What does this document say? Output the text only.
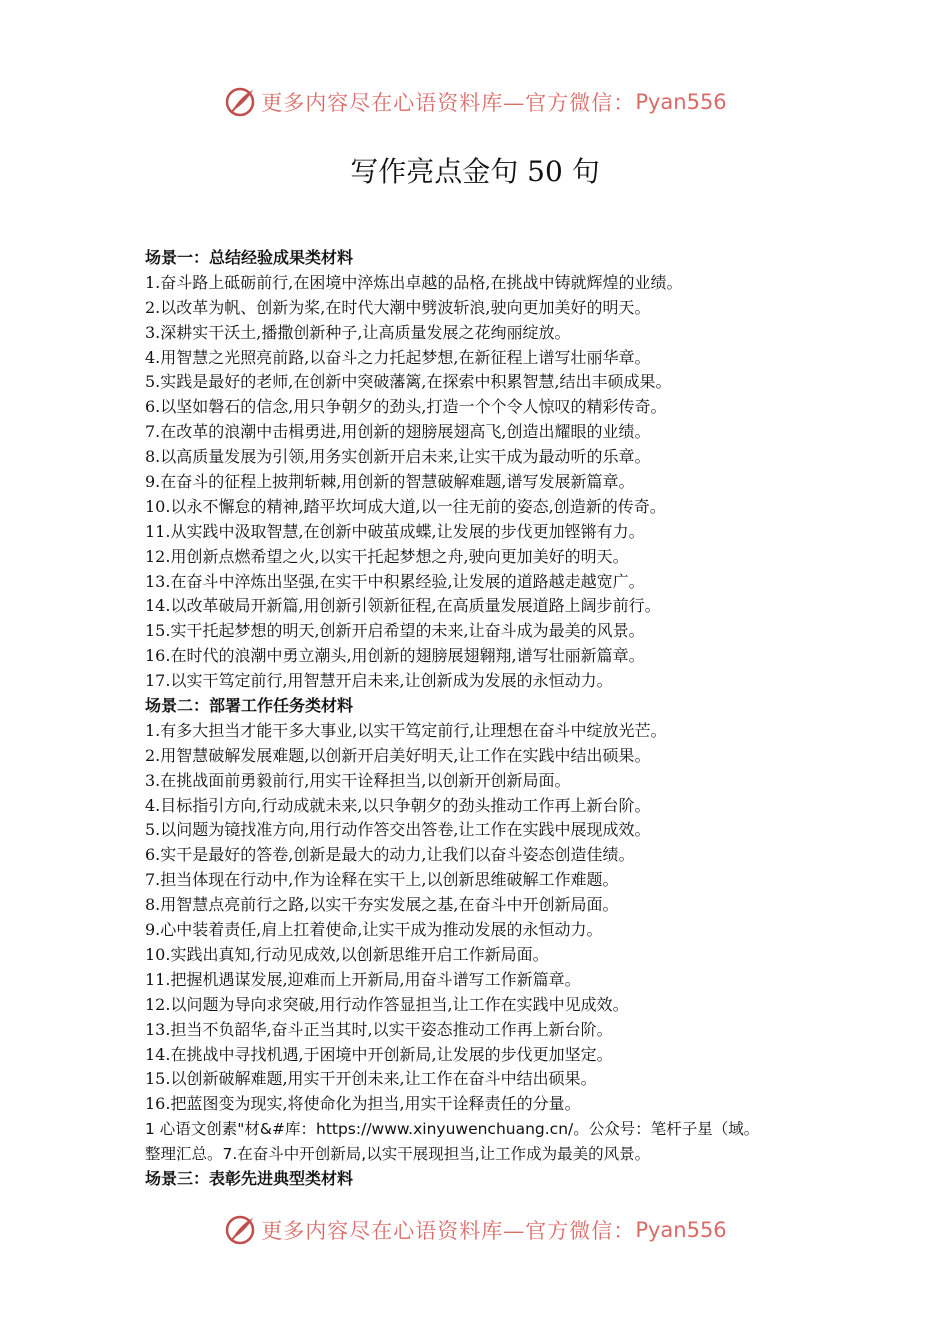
更多内容尽在心语资料库—官方微信： Pyan556
写作亮点金句 50 句
场景一：总结经验成果类材料
1.奋斗路上砥砺前行,在困境中淬炼出卓越的品格,在挑战中铸就辉煌的业绩。
2.以改革为帆、创新为桨,在时代大潮中劈波斩浪,驶向更加美好的明天。
3.深耕实干沃土,播撒创新种子,让高质量发展之花绚丽绽放。
4.用智慧之光照亮前路,以奋斗之力托起梦想,在新征程上谱写壮丽华章。
5.实践是最好的老师,在创新中突破藩篱,在探索中积累智慧,结出丰硕成果。
6.以坚如磐石的信念,用只争朝夕的劲头,打造一个个令人惊叹的精彩传奇。
7.在改革的浪潮中击楫勇进,用创新的翅膀展翅高飞,创造出耀眼的业绩。
8.以高质量发展为引领,用务实创新开启未来,让实干成为最动听的乐章。
9.在奋斗的征程上披荆斩棘,用创新的智慧破解难题,谱写发展新篇章。
10.以永不懈怠的精神,踏平坎坷成大道,以一往无前的姿态,创造新的传奇。
11.从实践中汲取智慧,在创新中破茧成蝶,让发展的步伐更加铿锵有力。
12.用创新点燃希望之火,以实干托起梦想之舟,驶向更加美好的明天。
13.在奋斗中淬炼出坚强,在实干中积累经验,让发展的道路越走越宽广。
14.以改革破局开新篇,用创新引领新征程,在高质量发展道路上阔步前行。
15.实干托起梦想的明天,创新开启希望的未来,让奋斗成为最美的风景。
16.在时代的浪潮中勇立潮头,用创新的翅膀展翅翱翔,谱写壮丽新篇章。
17.以实干笃定前行,用智慧开启未来,让创新成为发展的永恒动力。
场景二：部署工作任务类材料
1.有多大担当才能干多大事业,以实干笃定前行,让理想在奋斗中绽放光芒。
2.用智慧破解发展难题,以创新开启美好明天,让工作在实践中结出硕果。
3.在挑战面前勇毅前行,用实干诠释担当,以创新开创新局面。
4.目标指引方向,行动成就未来,以只争朝夕的劲头推动工作再上新台阶。
5.以问题为镜找准方向,用行动作答交出答卷,让工作在实践中展现成效。
6.实干是最好的答卷,创新是最大的动力,让我们以奋斗姿态创造佳绩。
7.担当体现在行动中,作为诠释在实干上,以创新思维破解工作难题。
8.用智慧点亮前行之路,以实干夯实发展之基,在奋斗中开创新局面。
9.心中装着责任,肩上扛着使命,让实干成为推动发展的永恒动力。
10.实践出真知,行动见成效,以创新思维开启工作新局面。
11.把握机遇谋发展,迎难而上开新局,用奋斗谱写工作新篇章。
12.以问题为导向求突破,用行动作答显担当,让工作在实践中见成效。
13.担当不负韶华,奋斗正当其时,以实干姿态推动工作再上新台阶。
14.在挑战中寻找机遇,于困境中开创新局,让发展的步伐更加坚定。
15.以创新破解难题,用实干开创未来,让工作在奋斗中结出硕果。
16.把蓝图变为现实,将使命化为担当,用实干诠释责任的分量。
1 心语文创素"材&#库：https://www.xinyuwenchuang.cn/。公众号：笔杆子星（域。
整理汇总。7.在奋斗中开创新局,以实干展现担当,让工作成为最美的风景。
场景三：表彰先进典型类材料
更多内容尽在心语资料库—官方微信： Pyan556
